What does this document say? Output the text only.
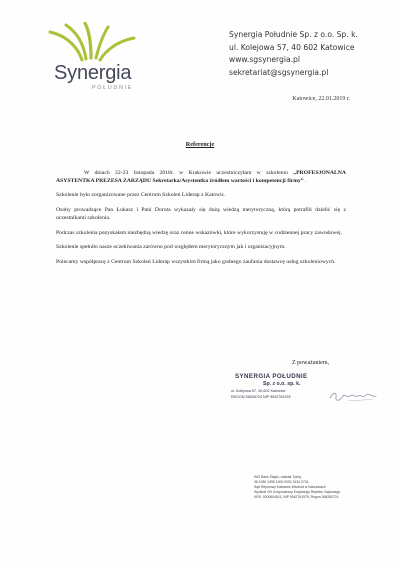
Synergia
POŁUDNIE
Synergia Południe Sp. z o.o. Sp. k.
ul. Kolejowa 57, 40 602 Katowice
www.sgsynergia.pl
sekretariat@sgsynergia.pl
Katowice, 22.01.2019 r.
Referencje

W dniach 22-23 listopada 2018r. w Krakowie uczestniczyłam w szkoleniu „PROFESJONALNA ASYSTENTKA PREZESA ZARZĄDU Sekretarka/Asystentka źródłem wartości i kompetencji firmy” .

Szkolenie było zorganizowane przez Centrum Szkoleń Liderap z Katowic.

Osoby prowadzące Pan Łukasz i Pani Dorota wykazały się dużą wiedzą merytoryczną, którą potrafili dzielić się z uczestnikami szkolenia.

Podczas szkolenia pozyskałam niezbędną wiedzę oraz cenne wskazówki, które wykorzystuję w codziennej pracy zawodowej.

Szkolenie spełniło nasze oczekiwania zarówno pod względem merytorycznym jak i organizacyjnym.

Polecamy współpracę z Centrum Szkoleń Liderap wszystkim firmą jako godnego zaufania dostawcę usług szkoleniowych.

Z poważaniem,
SYNERGIA POŁUDNIE
Sp. z o.o. sp. k.
ul. Kolejowa 57, 40-602 Katowice
REGON 36828?24 NIP 9542761978
ING Bank Śląski, oddział Tychy,
36 1050 1399 1000 0092 3134 0731
Sąd Rejonowy Katowice-Wschód w Katowicach
Wydział VIII Gospodarczy Krajowego Rejestru Sądowego
KRS: 0000604811, NIP 9542761978, Regon 368280724
